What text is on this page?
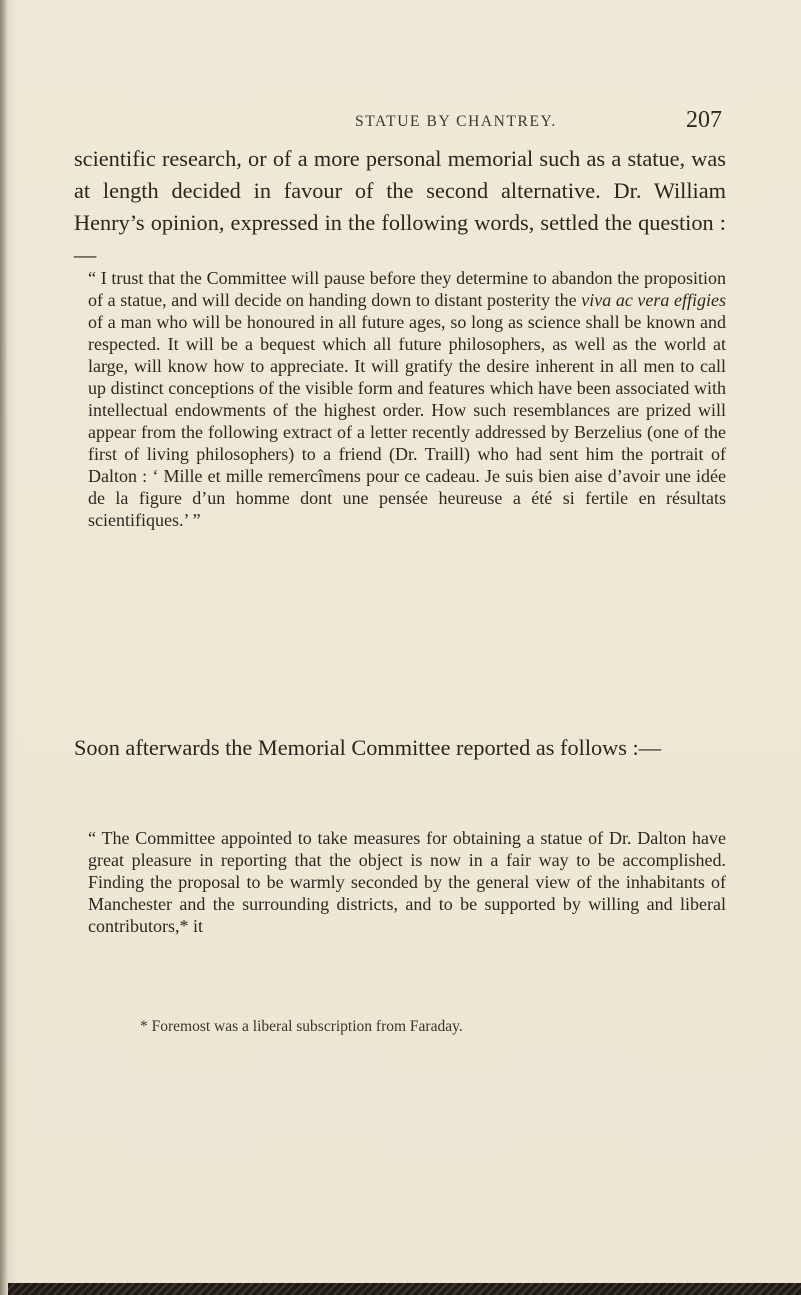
STATUE BY CHANTREY.	207

scientific research, or of a more personal memorial such as a statue, was at length decided in favour of the second alternative. Dr. William Henry’s opinion, expressed in the following words, settled the question :—

“ I trust that the Committee will pause before they determine to abandon the proposition of a statue, and will decide on handing down to distant posterity the viva ac vera effigies of a man who will be honoured in all future ages, so long as science shall be known and respected. It will be a bequest which all future philosophers, as well as the world at large, will know how to appreciate. It will gratify the desire inherent in all men to call up distinct conceptions of the visible form and features which have been associated with intellectual endowments of the highest order. How such resemblances are prized will appear from the following extract of a letter recently addressed by Berzelius (one of the first of living philosophers) to a friend (Dr. Traill) who had sent him the portrait of Dalton : ‘ Mille et mille remercîmens pour ce cadeau. Je suis bien aise d’avoir une idée de la figure d’un homme dont une pensée heureuse a été si fertile en résultats scientifiques.’ ”

Soon afterwards the Memorial Committee reported as follows :—

“ The Committee appointed to take measures for obtaining a statue of Dr. Dalton have great pleasure in reporting that the object is now in a fair way to be accomplished. Finding the proposal to be warmly seconded by the general view of the inhabitants of Manchester and the surrounding districts, and to be supported by willing and liberal contributors,* it

* Foremost was a liberal subscription from Faraday.
